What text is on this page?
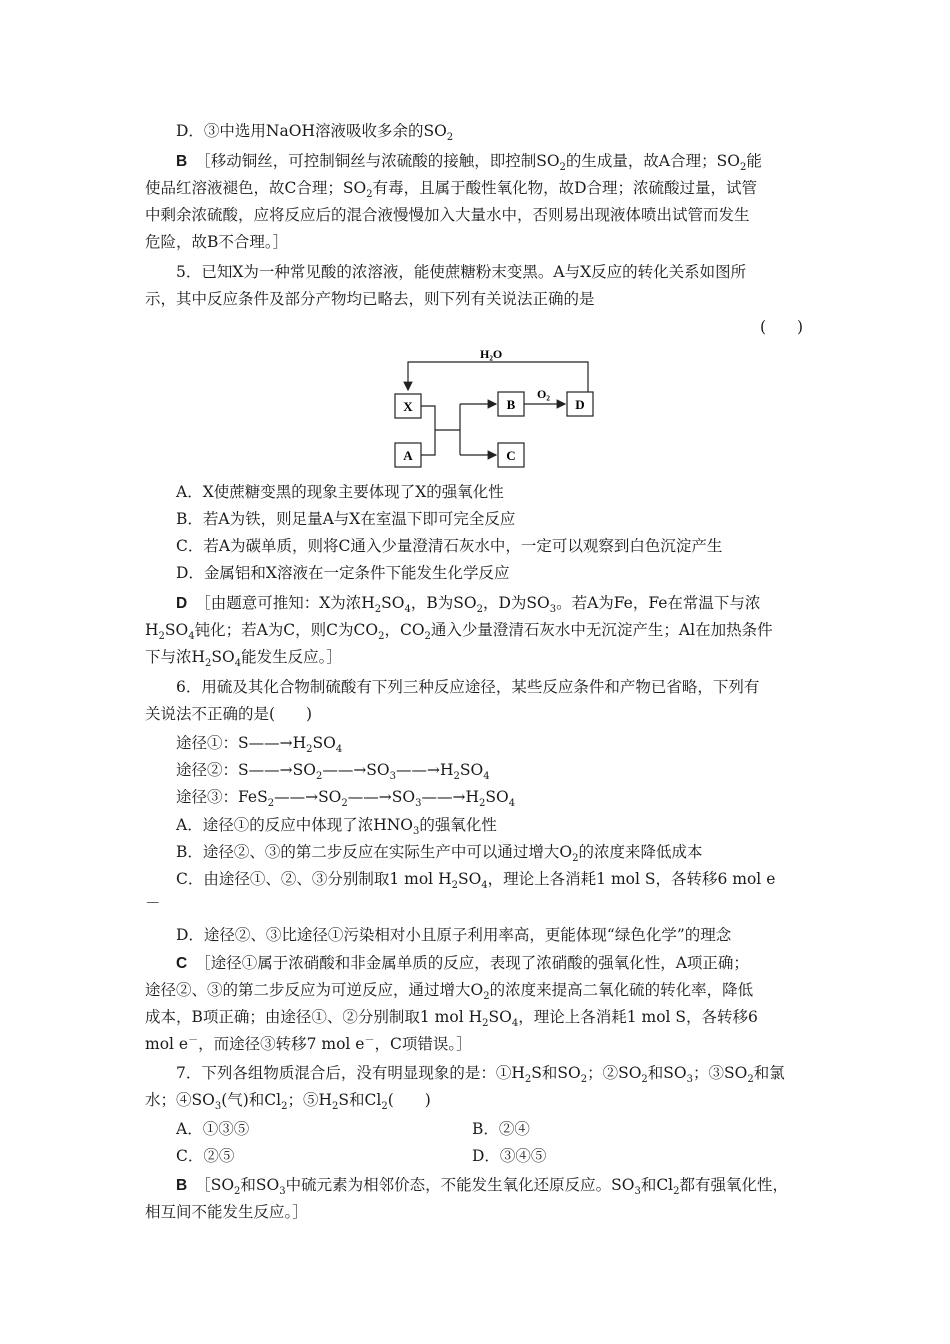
D．③中选用NaOH溶液吸收多余的$SO_2$
B ［移动铜丝，可控制铜丝与浓硫酸的接触，即控制$SO_2$的生成量，故A合理；$SO_2$能
使品红溶液褪色，故C合理；$SO_2$有毒，且属于酸性氧化物，故D合理；浓硫酸过量，试管
中剩余浓硫酸，应将反应后的混合液慢慢加入大量水中，否则易出现液体喷出试管而发生
危险，故B不合理。］
5．已知X为一种常见酸的浓溶液，能使蔗糖粉末变黑。A与X反应的转化关系如图所
示，其中反应条件及部分产物均已略去，则下列有关说法正确的是
(　　)
H₂O
X
A
B
C
D
O₂
A．X使蔗糖变黑的现象主要体现了X的强氧化性
B．若A为铁，则足量A与X在室温下即可完全反应
C．若A为碳单质，则将C通入少量澄清石灰水中，一定可以观察到白色沉淀产生
D．金属铝和X溶液在一定条件下能发生化学反应
D ［由题意可推知：X为浓$H_2SO_4$，B为$SO_2$，D为$SO_3$。若A为Fe，Fe在常温下与浓
$H_2SO_4$钝化；若A为C，则C为$CO_2$，$CO_2$通入少量澄清石灰水中无沉淀产生；Al在加热条件
下与浓$H_2SO_4$能发生反应。］
6．用硫及其化合物制硫酸有下列三种反应途径，某些反应条件和产物已省略，下列有
关说法不正确的是(　　)
途径①：$S——\to H_2SO_4$
途径②：$S——\to SO_2——\to SO_3——\to H_2SO_4$
途径③：$FeS_2——\to SO_2——\to SO_3——\to H_2SO_4$
A．途径①的反应中体现了浓$HNO_3$的强氧化性
B．途径②、③的第二步反应在实际生产中可以通过增大$O_2$的浓度来降低成本
C．由途径①、②、③分别制取1 mol $H_2SO_4$，理论上各消耗1 mol S，各转移6 mol e
－
D．途径②、③比途径①污染相对小且原子利用率高，更能体现“绿色化学”的理念
C ［途径①属于浓硝酸和非金属单质的反应，表现了浓硝酸的强氧化性，A项正确；
途径②、③的第二步反应为可逆反应，通过增大$O_2$的浓度来提高二氧化硫的转化率，降低
成本，B项正确；由途径①、②分别制取1 mol $H_2SO_4$，理论上各消耗1 mol S，各转移6
mol e－，而途径③转移7 mol e－，C项错误。］
7．下列各组物质混合后，没有明显现象的是：$①H_2S$和$SO_2$；$②SO_2$和$SO_3$；$③SO_2$和氯
水；$④SO_3$(气)和$Cl_2$；$⑤H_2S$和$Cl_2$(　　)
A．①③⑤	B．②④
C．②⑤	D．③④⑤
B $[SO_2$和$SO_3$中硫元素为相邻价态，不能发生氧化还原反应。$SO_3$和$Cl_2$都有强氧化性，
相互间不能发生反应。］
